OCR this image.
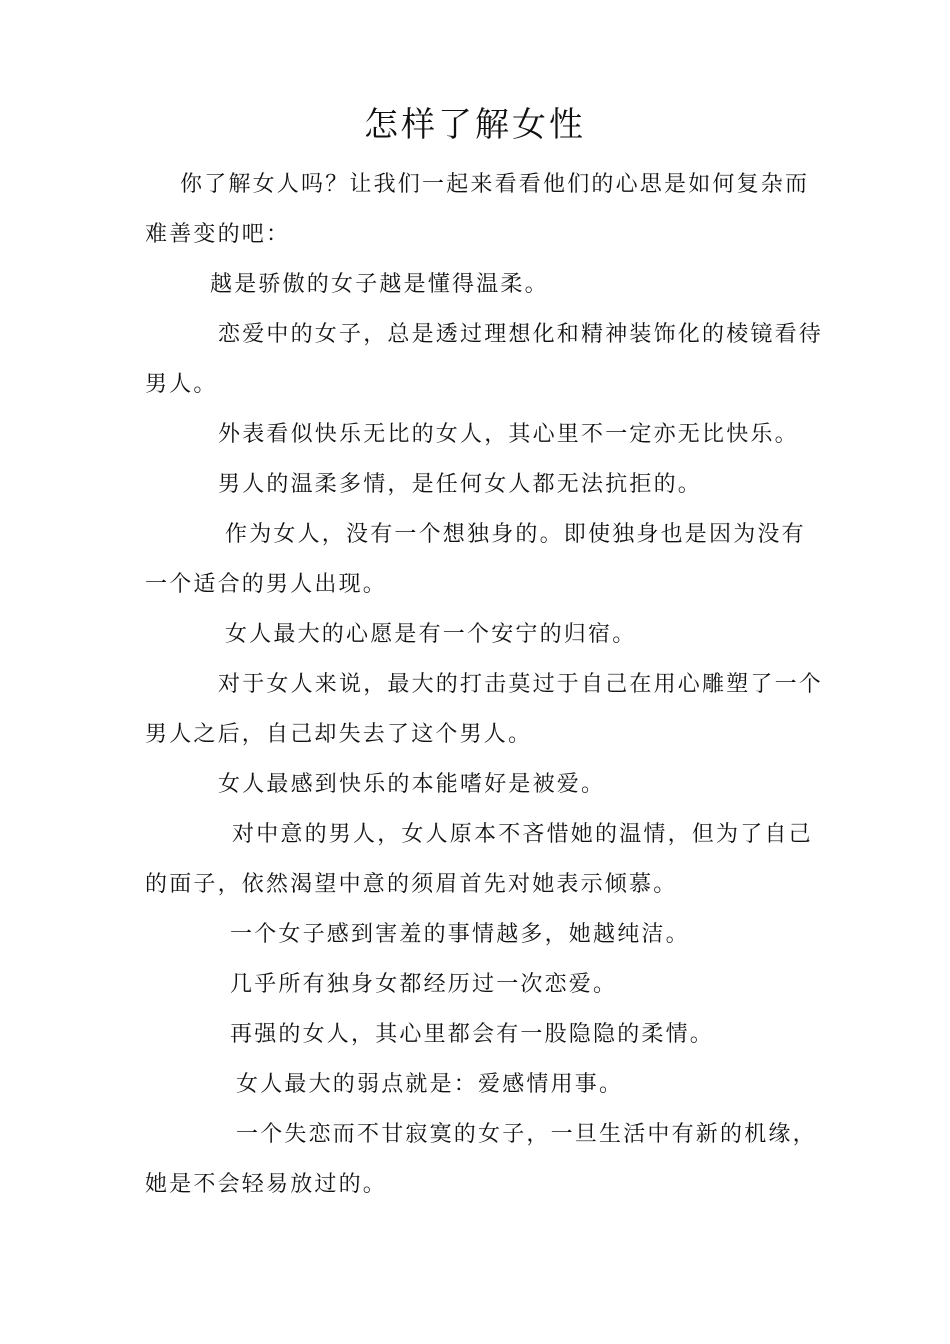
怎样了解女性

你了解女人吗？让我们一起来看看他们的心思是如何复杂而

难善变的吧：

越是骄傲的女子越是懂得温柔。

恋爱中的女子，总是透过理想化和精神装饰化的棱镜看待

男人。

外表看似快乐无比的女人，其心里不一定亦无比快乐。

男人的温柔多情，是任何女人都无法抗拒的。

作为女人，没有一个想独身的。即使独身也是因为没有

一个适合的男人出现。

女人最大的心愿是有一个安宁的归宿。

对于女人来说，最大的打击莫过于自己在用心雕塑了一个

男人之后，自己却失去了这个男人。

女人最感到快乐的本能嗜好是被爱。

对中意的男人，女人原本不吝惜她的温情，但为了自己

的面子，依然渴望中意的须眉首先对她表示倾慕。

一个女子感到害羞的事情越多，她越纯洁。

几乎所有独身女都经历过一次恋爱。

再强的女人，其心里都会有一股隐隐的柔情。

女人最大的弱点就是：爱感情用事。

一个失恋而不甘寂寞的女子，一旦生活中有新的机缘，

她是不会轻易放过的。
